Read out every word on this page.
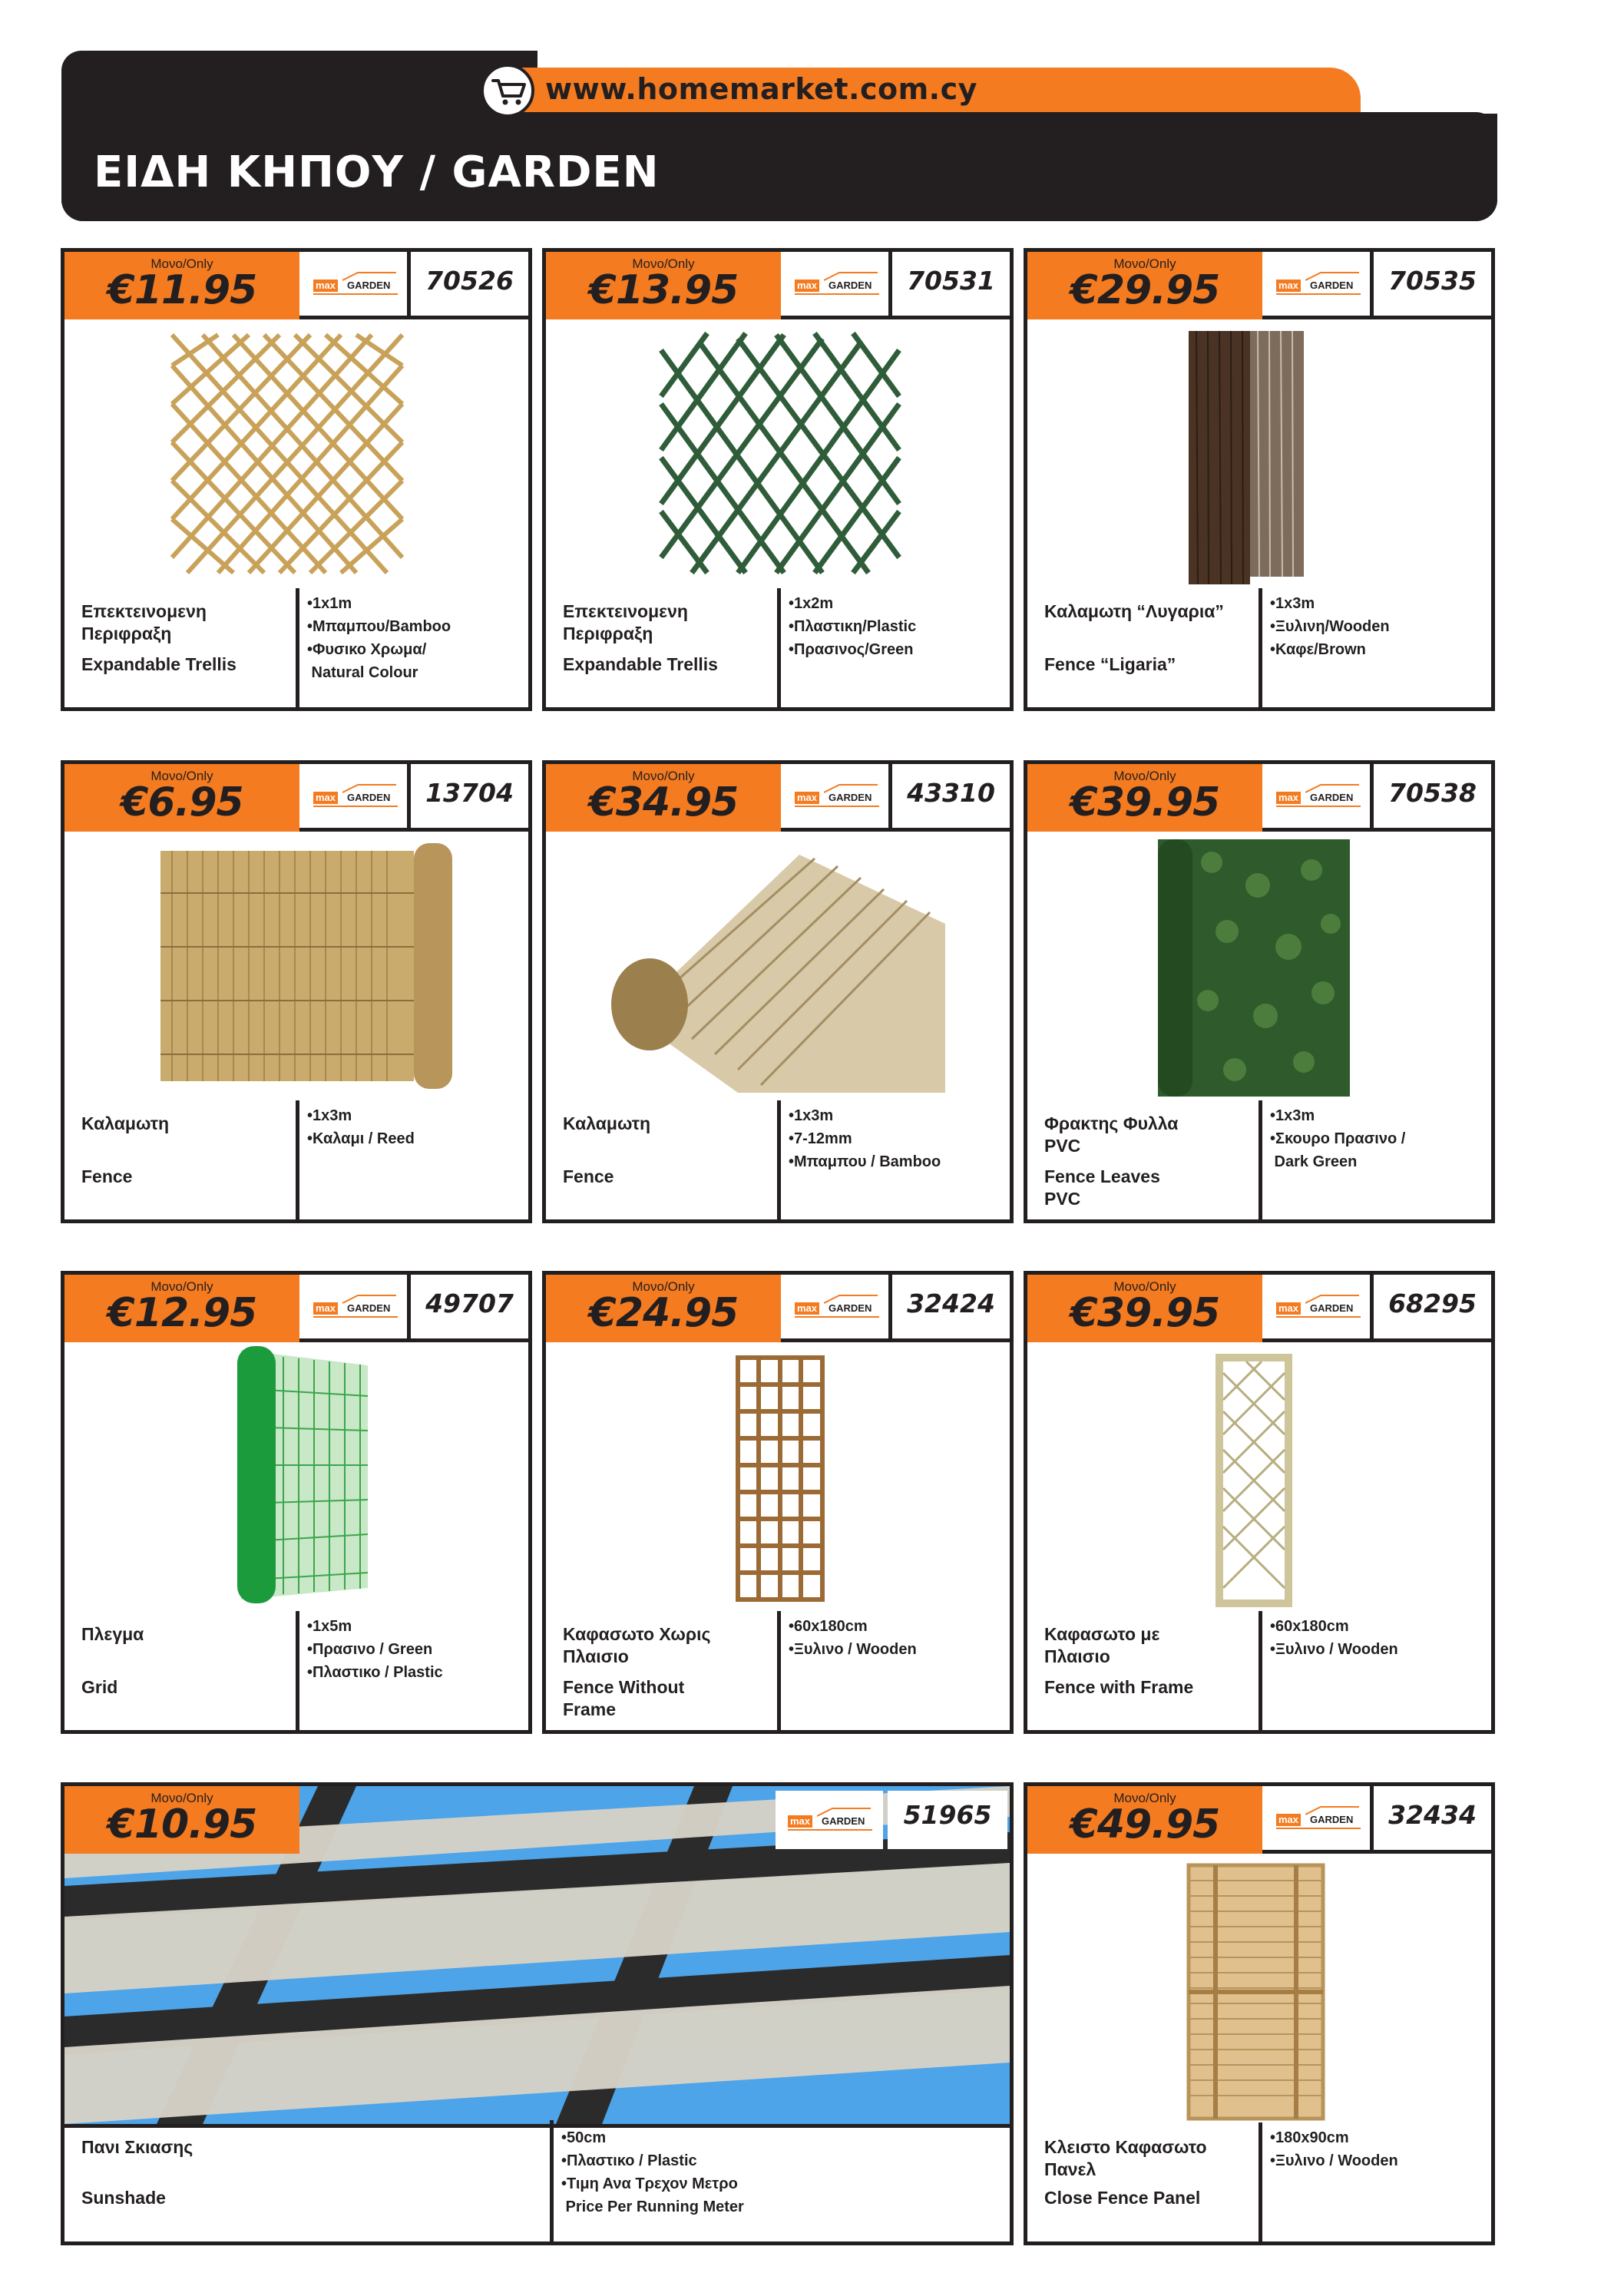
www.homemarket.com.cy
ΕΙΔΗ ΚΗΠΟΥ / GARDEN
Μονο/Only
€11.95	max GARDEN	70526
Επεκτεινομενη Περιφραξη
Expandable Trellis
•1x1m
•Μπαμπου/Bamboo
•Φυσικο Χρωμα/
Natural Colour
Μονο/Only
€13.95	max GARDEN	70531
Επεκτεινομενη Περιφραξη
Expandable Trellis
•1x2m
•Πλαστικη/Plastic
•Πρασινος/Green
Μονο/Only
€29.95	max GARDEN	70535
Καλαμωτη “Λυγαρια”
Fence “Ligaria”
•1x3m
•Ξυλινη/Wooden
•Καφε/Brown
Μονο/Only
€6.95	max GARDEN	13704
Καλαμωτη
Fence
•1x3m
•Καλαμι / Reed
Μονο/Only
€34.95	max GARDEN	43310
Καλαμωτη
Fence
•1x3m
•7-12mm
•Μπαμπου / Bamboo
Μονο/Only
€39.95	max GARDEN	70538
Φρακτης Φυλλα PVC
Fence Leaves PVC
•1x3m
•Σκουρο Πρασινο /
Dark Green
Μονο/Only
€12.95	max GARDEN	49707
Πλεγμα
Grid
•1x5m
•Πρασινο / Green
•Πλαστικο / Plastic
Μονο/Only
€24.95	max GARDEN	32424
Καφασωτο Χωρις Πλαισιο
Fence Without Frame
•60x180cm
•Ξυλινο / Wooden
Μονο/Only
€39.95	max GARDEN	68295
Καφασωτο με Πλαισιο
Fence with Frame
•60x180cm
•Ξυλινο / Wooden
Μονο/Only
€10.95	max GARDEN	51965
Πανι Σκιασης
Sunshade
•50cm
•Πλαστικο / Plastic
•Τιμη Ανα Τρεχον Μετρο
Price Per Running Meter
Μονο/Only
€49.95	max GARDEN	32434
Κλειστο Καφασωτο Πανελ
Close Fence Panel
•180x90cm
•Ξυλινο / Wooden
